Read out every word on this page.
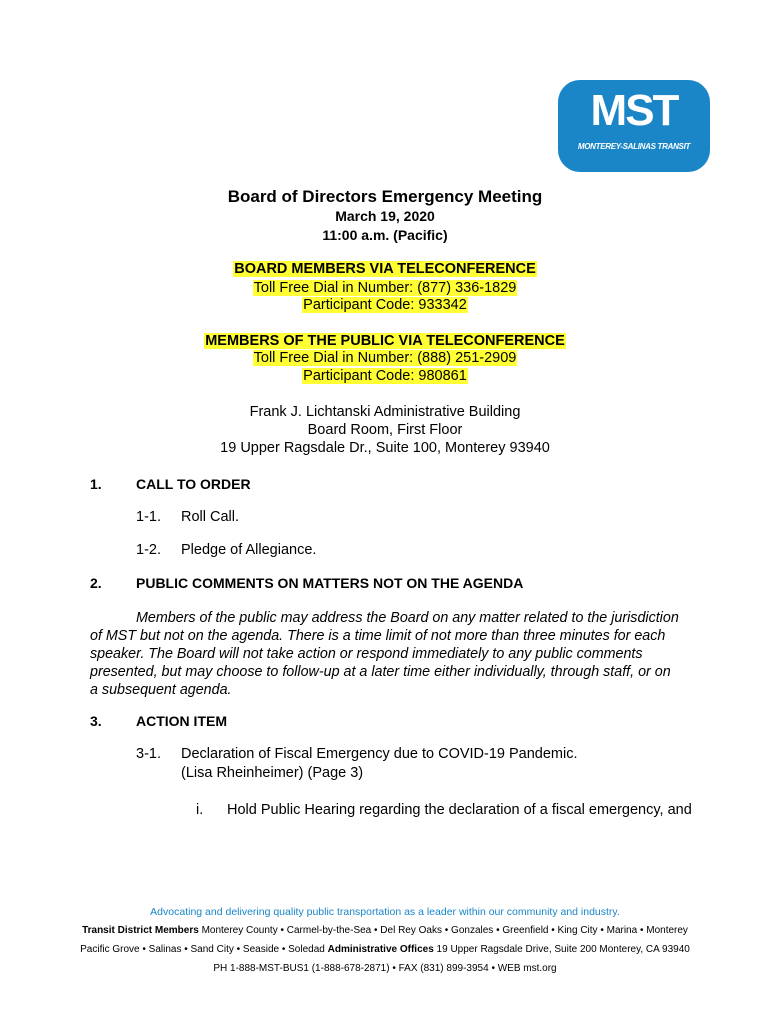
MST
MONTEREY-SALINAS TRANSIT
Board of Directors Emergency Meeting
March 19, 2020
11:00 a.m. (Pacific)
BOARD MEMBERS VIA TELECONFERENCE
Toll Free Dial in Number: (877) 336-1829
Participant Code: 933342
MEMBERS OF THE PUBLIC VIA TELECONFERENCE
Toll Free Dial in Number: (888) 251-2909
Participant Code: 980861
Frank J. Lichtanski Administrative Building
Board Room, First Floor
19 Upper Ragsdale Dr., Suite 100, Monterey 93940
1. CALL TO ORDER
1-1. Roll Call.
1-2. Pledge of Allegiance.
2. PUBLIC COMMENTS ON MATTERS NOT ON THE AGENDA
Members of the public may address the Board on any matter related to the jurisdiction
of MST but not on the agenda. There is a time limit of not more than three minutes for each
speaker. The Board will not take action or respond immediately to any public comments
presented, but may choose to follow-up at a later time either individually, through staff, or on
a subsequent agenda.
3. ACTION ITEM
3-1. Declaration of Fiscal Emergency due to COVID-19 Pandemic.
(Lisa Rheinheimer) (Page 3)
i. Hold Public Hearing regarding the declaration of a fiscal emergency, and
Advocating and delivering quality public transportation as a leader within our community and industry.
Transit District Members Monterey County • Carmel-by-the-Sea • Del Rey Oaks • Gonzales • Greenfield • King City • Marina • Monterey
Pacific Grove • Salinas • Sand City • Seaside • Soledad Administrative Offices 19 Upper Ragsdale Drive, Suite 200 Monterey, CA 93940
PH 1-888-MST-BUS1 (1-888-678-2871) • FAX (831) 899-3954 • WEB mst.org
